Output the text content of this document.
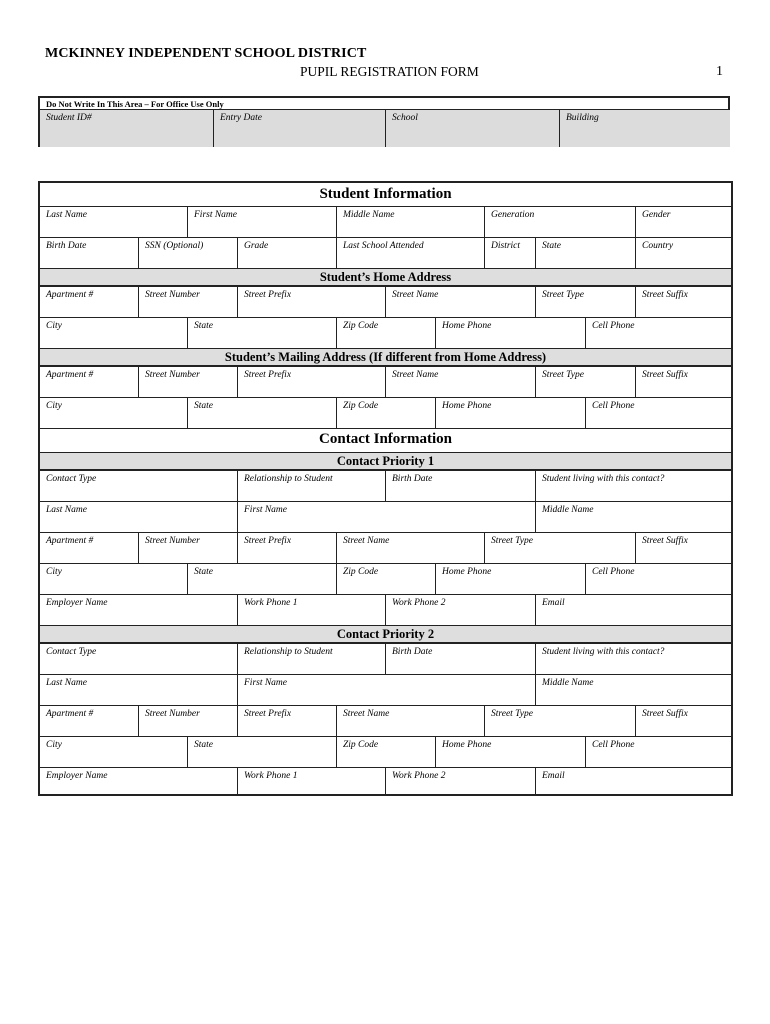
MCKINNEY INDEPENDENT SCHOOL DISTRICT
PUPIL REGISTRATION FORM	1
Do Not Write In This Area – For Office Use Only
Student ID#	Entry Date	School	Building
Student Information
Last Name	First Name	Middle Name	Generation	Gender
Birth Date	SSN (Optional)	Grade	Last School Attended	District	State	Country
Student’s Home Address
Apartment #	Street Number	Street Prefix	Street Name	Street Type	Street Suffix
City	State	Zip Code	Home Phone	Cell Phone
Student’s Mailing Address (If different from Home Address)
Apartment #	Street Number	Street Prefix	Street Name	Street Type	Street Suffix
City	State	Zip Code	Home Phone	Cell Phone
Contact Information
Contact Priority 1
Contact Type	Relationship to Student	Birth Date	Student living with this contact?
Last Name	First Name	Middle Name
Apartment #	Street Number	Street Prefix	Street Name	Street Type	Street Suffix
City	State	Zip Code	Home Phone	Cell Phone
Employer Name	Work Phone 1	Work Phone 2	Email
Contact Priority 2
Contact Type	Relationship to Student	Birth Date	Student living with this contact?
Last Name	First Name	Middle Name
Apartment #	Street Number	Street Prefix	Street Name	Street Type	Street Suffix
City	State	Zip Code	Home Phone	Cell Phone
Employer Name	Work Phone 1	Work Phone 2	Email
